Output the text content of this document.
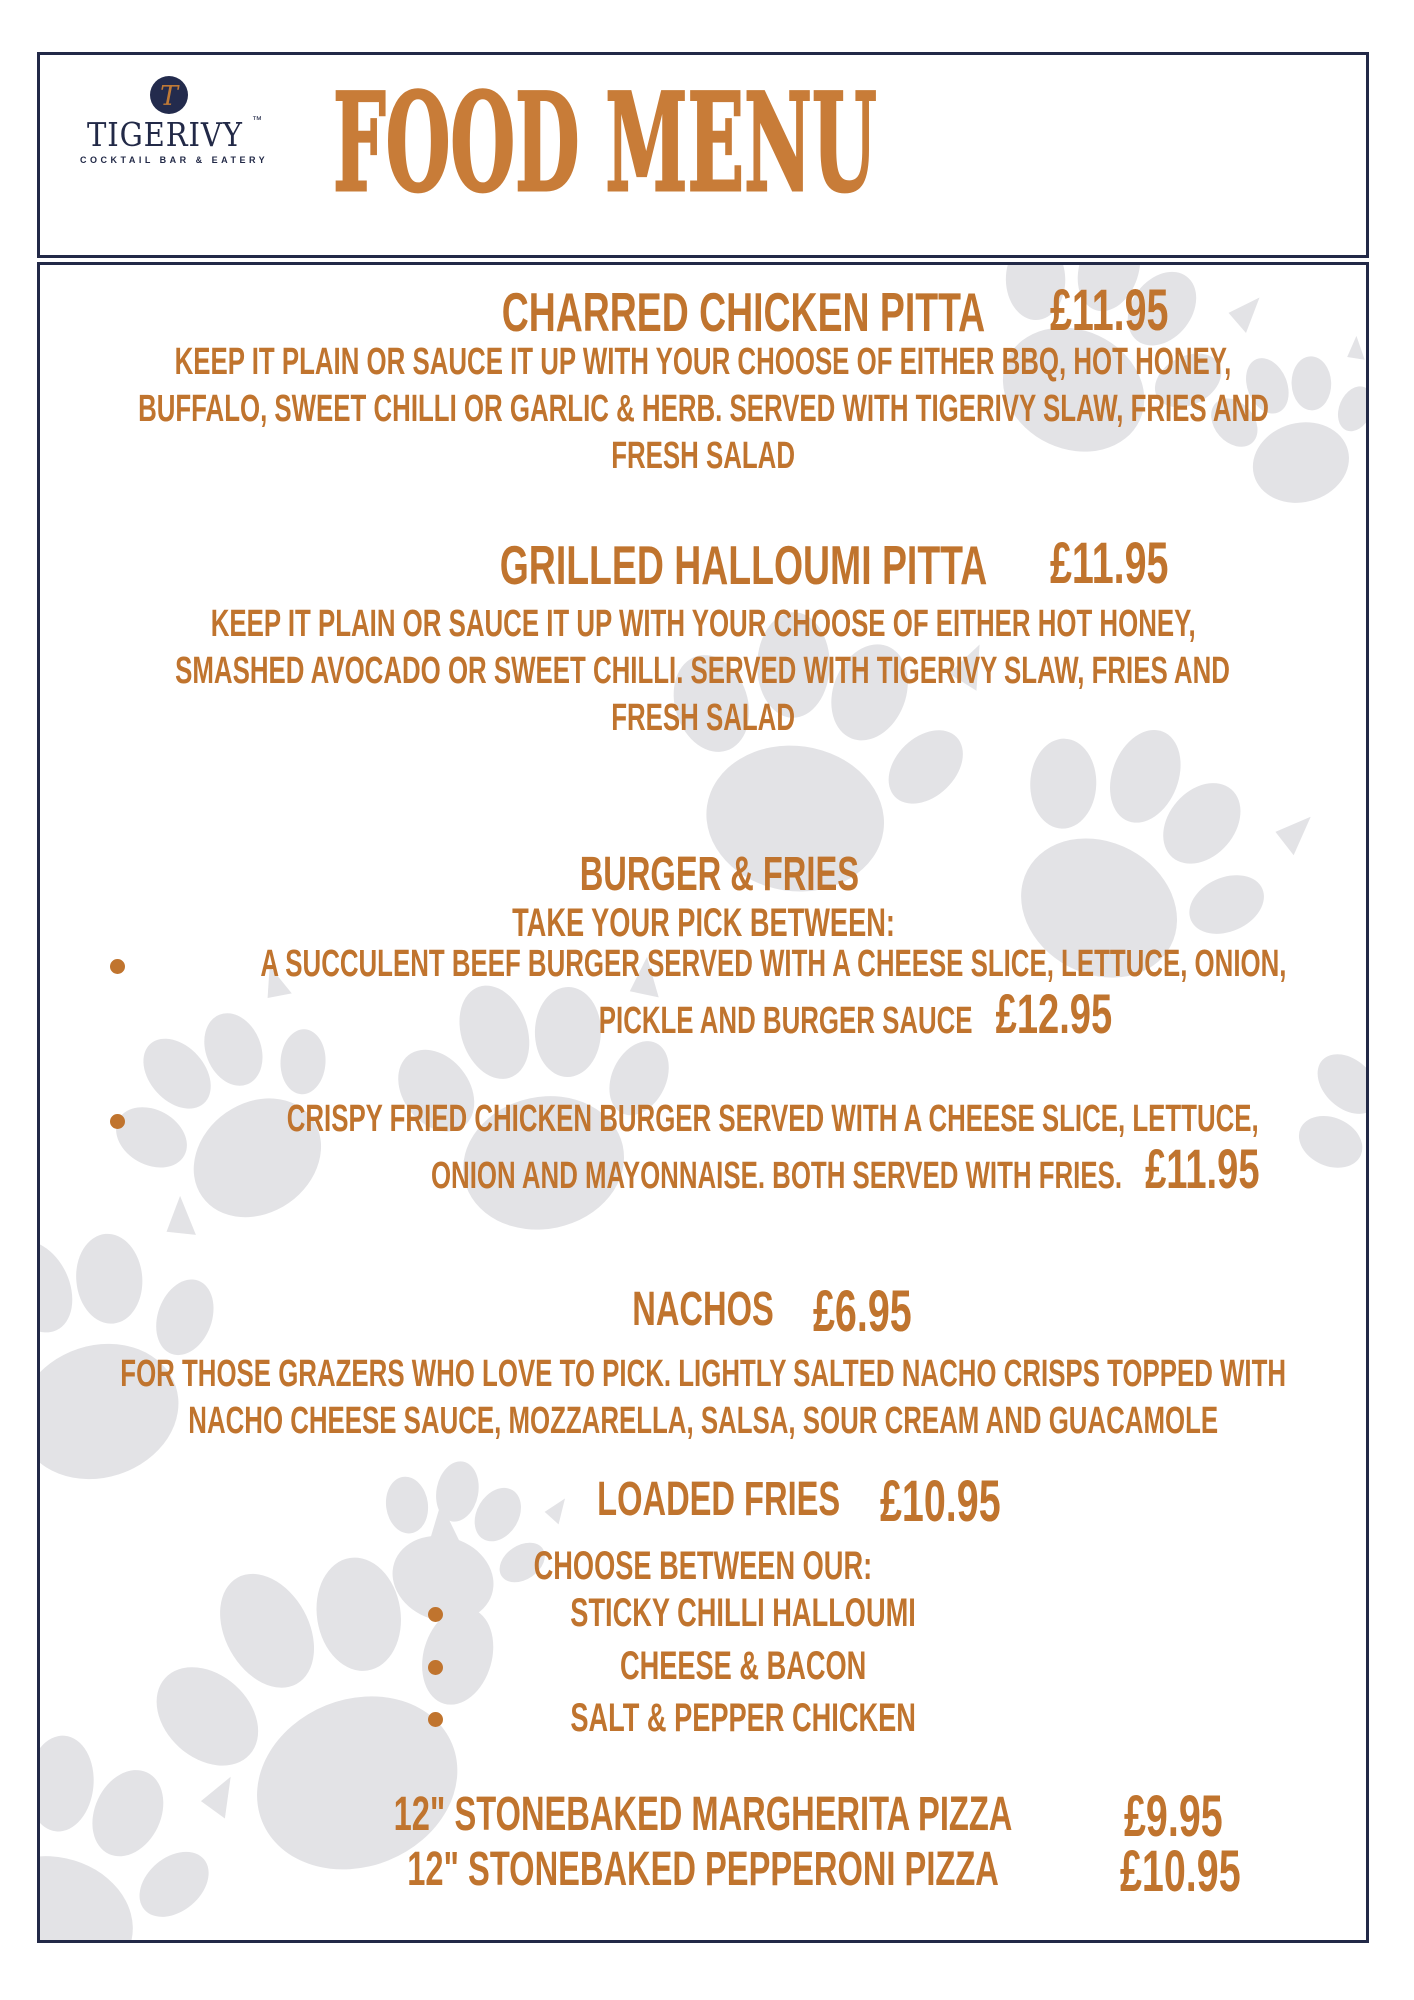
T
TIGERIVY ™
COCKTAIL BAR & EATERY FOOD MENU
CHARRED CHICKEN PITTA £11.95
KEEP IT PLAIN OR SAUCE IT UP WITH YOUR CHOOSE OF EITHER BBQ, HOT HONEY,
BUFFALO, SWEET CHILLI OR GARLIC & HERB. SERVED WITH TIGERIVY SLAW, FRIES AND
FRESH SALAD
GRILLED HALLOUMI PITTA £11.95
KEEP IT PLAIN OR SAUCE IT UP WITH YOUR CHOOSE OF EITHER HOT HONEY,
SMASHED AVOCADO OR SWEET CHILLI. SERVED WITH TIGERIVY SLAW, FRIES AND
FRESH SALAD
BURGER & FRIES
TAKE YOUR PICK BETWEEN:
A SUCCULENT BEEF BURGER SERVED WITH A CHEESE SLICE, LETTUCE, ONION,
PICKLE AND BURGER SAUCE £12.95
CRISPY FRIED CHICKEN BURGER SERVED WITH A CHEESE SLICE, LETTUCE,
ONION AND MAYONNAISE. BOTH SERVED WITH FRIES. £11.95
NACHOS £6.95
FOR THOSE GRAZERS WHO LOVE TO PICK. LIGHTLY SALTED NACHO CRISPS TOPPED WITH
NACHO CHEESE SAUCE, MOZZARELLA, SALSA, SOUR CREAM AND GUACAMOLE
LOADED FRIES £10.95
CHOOSE BETWEEN OUR:
STICKY CHILLI HALLOUMI
CHEESE & BACON
SALT & PEPPER CHICKEN
12" STONEBAKED MARGHERITA PIZZA £9.95
12" STONEBAKED PEPPERONI PIZZA £10.95
